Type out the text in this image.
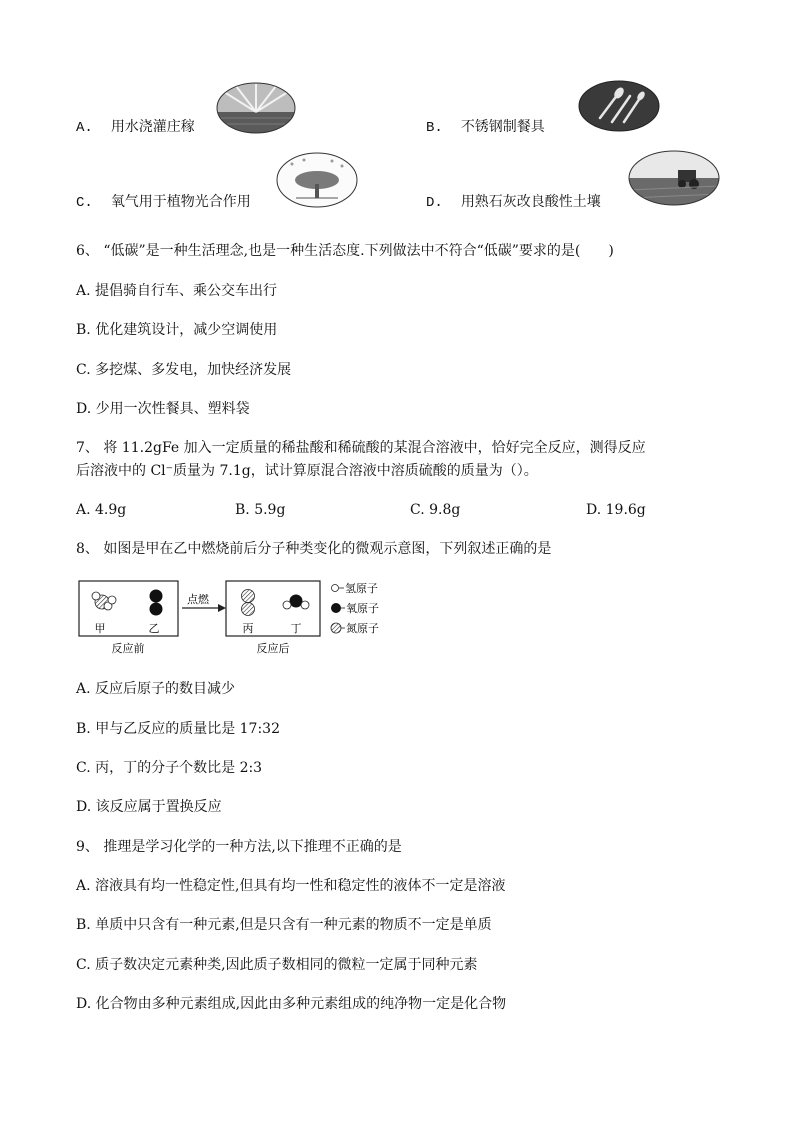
A. 用水浇灌庄稼	B. 不锈钢制餐具
C. 氧气用于植物光合作用	D. 用熟石灰改良酸性土壤
6、 “低碳”是一种生活理念,也是一种生活态度.下列做法中不符合“低碳”要求的是(　　)
A. 提倡骑自行车、乘公交车出行
B. 优化建筑设计，减少空调使用
C. 多挖煤、多发电，加快经济发展
D. 少用一次性餐具、塑料袋
7、 将 11.2gFe 加入一定质量的稀盐酸和稀硫酸的某混合溶液中，恰好完全反应，测得反应
后溶液中的 Cl⁻质量为 7.1g，试计算原混合溶液中溶质硫酸的质量为（）。
A. 4.9g	B. 5.9g	C. 9.8g	D. 19.6g
8、 如图是甲在乙中燃烧前后分子种类变化的微观示意图，下列叙述正确的是
甲	乙
反应前
点燃
丙	丁
反应后
氢原子
氧原子
氮原子
A. 反应后原子的数目减少
B. 甲与乙反应的质量比是 17:32
C. 丙，丁的分子个数比是 2:3
D. 该反应属于置换反应
9、 推理是学习化学的一种方法,以下推理不正确的是
A. 溶液具有均一性稳定性,但具有均一性和稳定性的液体不一定是溶液
B. 单质中只含有一种元素,但是只含有一种元素的物质不一定是单质
C. 质子数决定元素种类,因此质子数相同的微粒一定属于同种元素
D. 化合物由多种元素组成,因此由多种元素组成的纯净物一定是化合物
